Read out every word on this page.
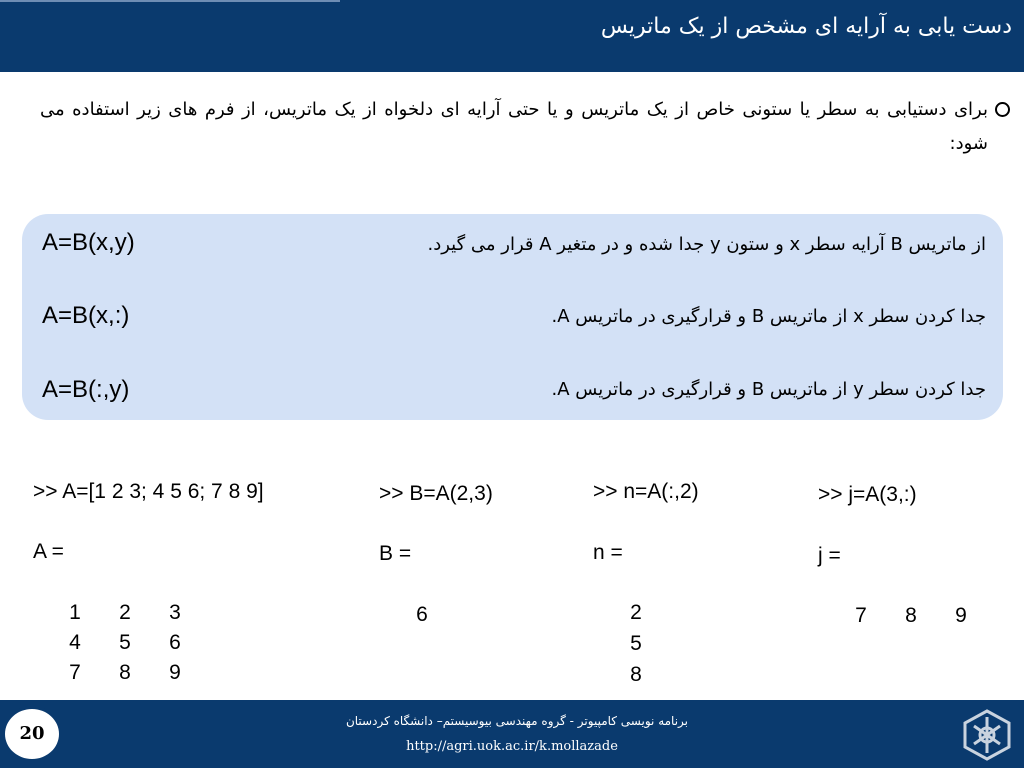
دست یابی به آرایه ای مشخص از یک ماتریس
برای دستیابی به سطر یا ستونی خاص از یک ماتریس و یا حتی آرایه ای دلخواه از یک ماتریس، از فرم های زیر استفاده می شود:
A=B(x,y)	از ماتریس B آرایه سطر x و ستون y جدا شده و در متغیر A قرار می گیرد.
A=B(x,:)	جدا کردن سطر x از ماتریس B و قرارگیری در ماتریس A.
A=B(:,y)	جدا کردن سطر y از ماتریس B و قرارگیری در ماتریس A.
>> A=[1 2 3; 4 5 6; 7 8 9]
A =
1 2 3
4 5 6
7 8 9
>> B=A(2,3)
B =
6
>> n=A(:,2)
n =
2
5
8
>> j=A(3,:)
j =
7 8 9
20
برنامه نویسی کامپیوتر - گروه مهندسی بیوسیستم– دانشگاه کردستان
http://agri.uok.ac.ir/k.mollazade
